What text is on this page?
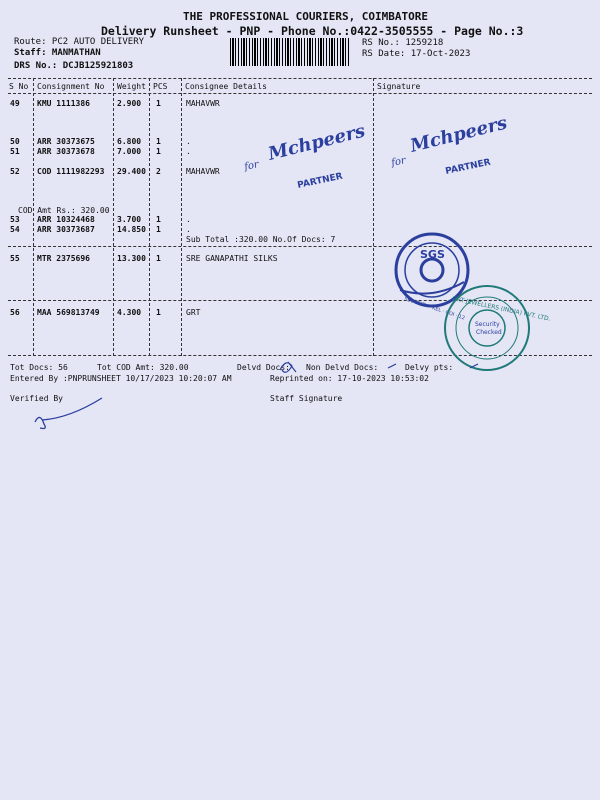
THE PROFESSIONAL COURIERS, COIMBATORE
Delivery Runsheet - PNP - Phone No.:0422-3505555 - Page No.:3
Route: PC2 AUTO DELIVERY
Staff: MANMATHAN
DRS No.: DCJB125921803
RS No.: 1259218
RS Date: 17-Oct-2023
S No Consignment No Weight PCS Consignee Details	Signature
49 KMU 1111386	2.900 1	MAHAVWR
50 ARR 30373675	6.800 1	.
51 ARR 30373678	7.000 1	.
52 COD 1111982293 29.400 2	MAHAVWR
COD Amt Rs.: 320.00
53 ARR 10324468	3.700 1	.
54 ARR 30373687	14.850 1	.
Sub Total :320.00 No.Of Docs: 7
55 MTR 2375696	13.300 1	SRE GANAPATHI SILKS
56 MAA 569813749 4.300 1	GRT
Tot Docs: 56	Tot COD Amt: 320.00	Delvd Docs: Non Delvd Docs:	Delvy pts:
Entered By :PNPRUNSHEET 10/17/2023 10:20:07 AM	Reprinted on: 17-10-2023 10:53:02
Verified By	Staff Signature
for
Mchpeers
PARTNER
for
Mchpeers
PARTNER
SGS
SECURITY · KEL · COI · 12
GRT JEWELLERS (INDIA) PVT. LTD.
Security
Checked
